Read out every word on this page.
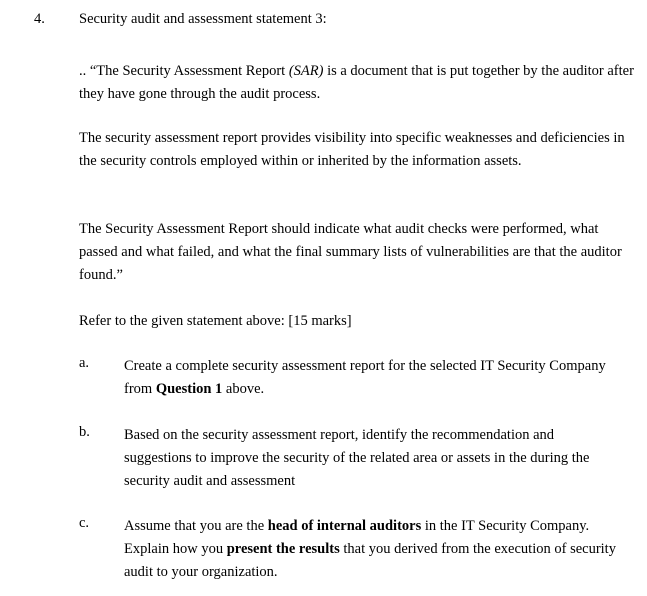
4. Security audit and assessment statement 3:
.. “The Security Assessment Report (SAR) is a document that is put together by the auditor after they have gone through the audit process.
The security assessment report provides visibility into specific weaknesses and deficiencies in the security controls employed within or inherited by the information assets.
The Security Assessment Report should indicate what audit checks were performed, what passed and what failed, and what the final summary lists of vulnerabilities are that the auditor found.”
Refer to the given statement above: [15 marks]
a. Create a complete security assessment report for the selected IT Security Company from Question 1 above.
b. Based on the security assessment report, identify the recommendation and suggestions to improve the security of the related area or assets in the during the security audit and assessment
c. Assume that you are the head of internal auditors in the IT Security Company. Explain how you present the results that you derived from the execution of security audit to your organization.
